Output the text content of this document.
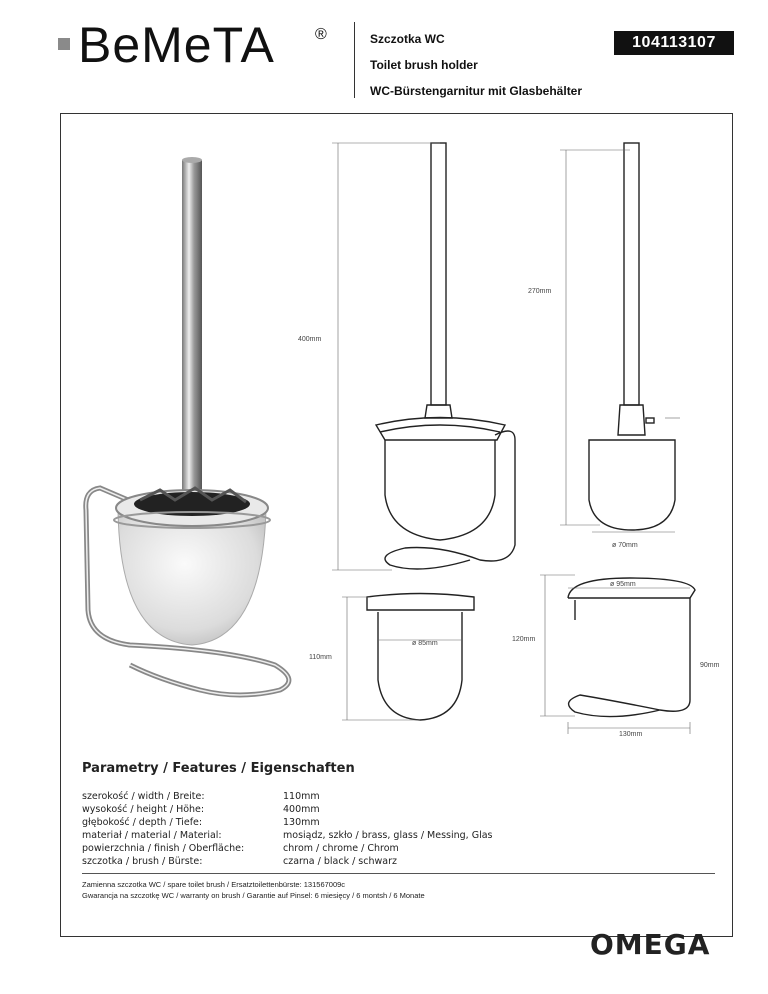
BeMeTA	®	Szczotka WC
Toilet brush holder
WC-Bürstengarnitur mit Glasbehälter
104113107
270mm
400mm
ø 70mm
ø 95mm
ø 85mm
120mm
110mm
90mm
130mm
Parametry / Features / Eigenschaften
szerokość / width / Breite:	110mm
wysokość / height / Höhe:	400mm
głębokość / depth / Tiefe:	130mm
materiał / material / Material:	mosiądz, szkło / brass, glass / Messing, Glas
powierzchnia / finish / Oberfläche:	chrom / chrome / Chrom
szczotka / brush / Bürste:	czarna / black / schwarz
Zamienna szczotka WC / spare toilet brush / Ersatztoilettenbürste: 131567009c
Gwarancja na szczotkę WC / warranty on brush / Garantie auf Pinsel: 6 miesięcy / 6 montsh / 6 Monate
OMEGA
